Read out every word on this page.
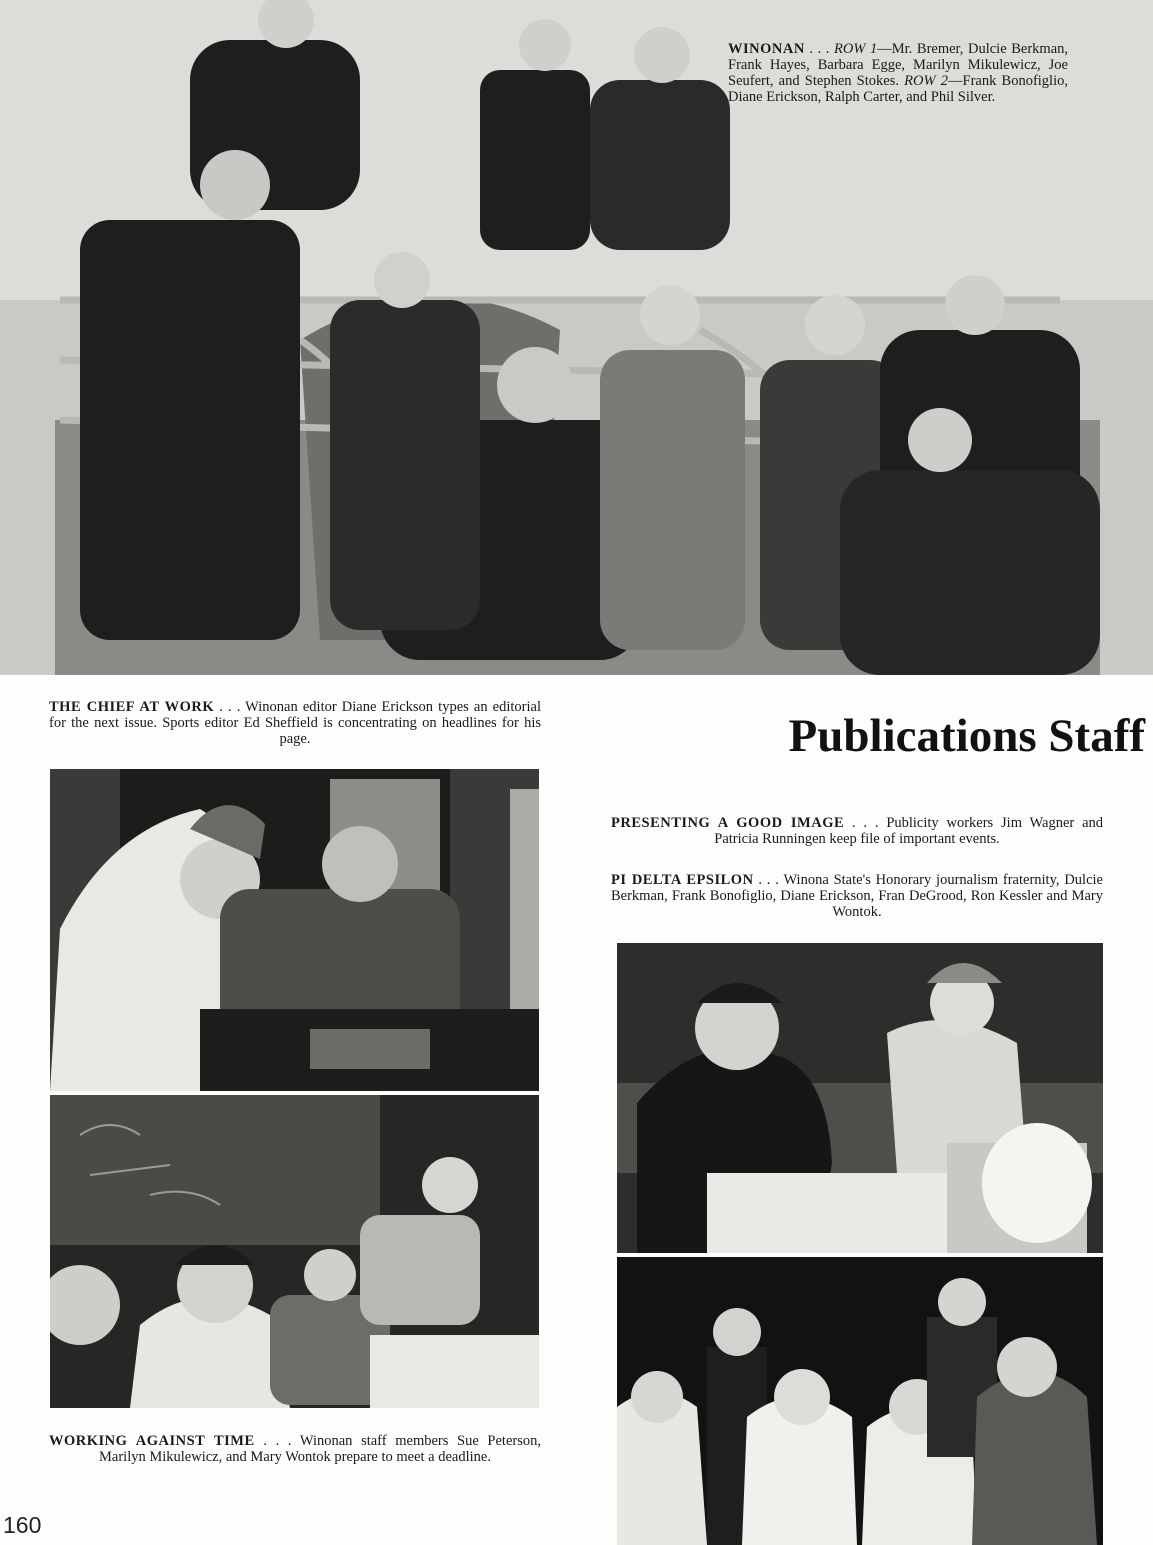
WINONAN . . . ROW 1—Mr. Bremer, Dulcie Berkman, Frank Hayes, Barbara Egge, Marilyn Mikulewicz, Joe Seufert, and Stephen Stokes. ROW 2—Frank Bonofiglio, Diane Erickson, Ralph Carter, and Phil Silver.

THE CHIEF AT WORK . . . Winonan editor Diane Erickson types an editorial for the next issue. Sports editor Ed Sheffield is concentrating on headlines for his page.	Publications Staff

WORKING AGAINST TIME . . . Winonan staff members Sue Peterson, Marilyn Mikulewicz, and Mary Wontok prepare to meet a deadline.

160

PRESENTING A GOOD IMAGE . . . Publicity workers Jim Wagner and Patricia Runningen keep file of important events.

PI DELTA EPSILON . . . Winona State's Honorary journalism fraternity, Dulcie Berkman, Frank Bonofiglio, Diane Erickson, Fran DeGrood, Ron Kessler and Mary Wontok.
